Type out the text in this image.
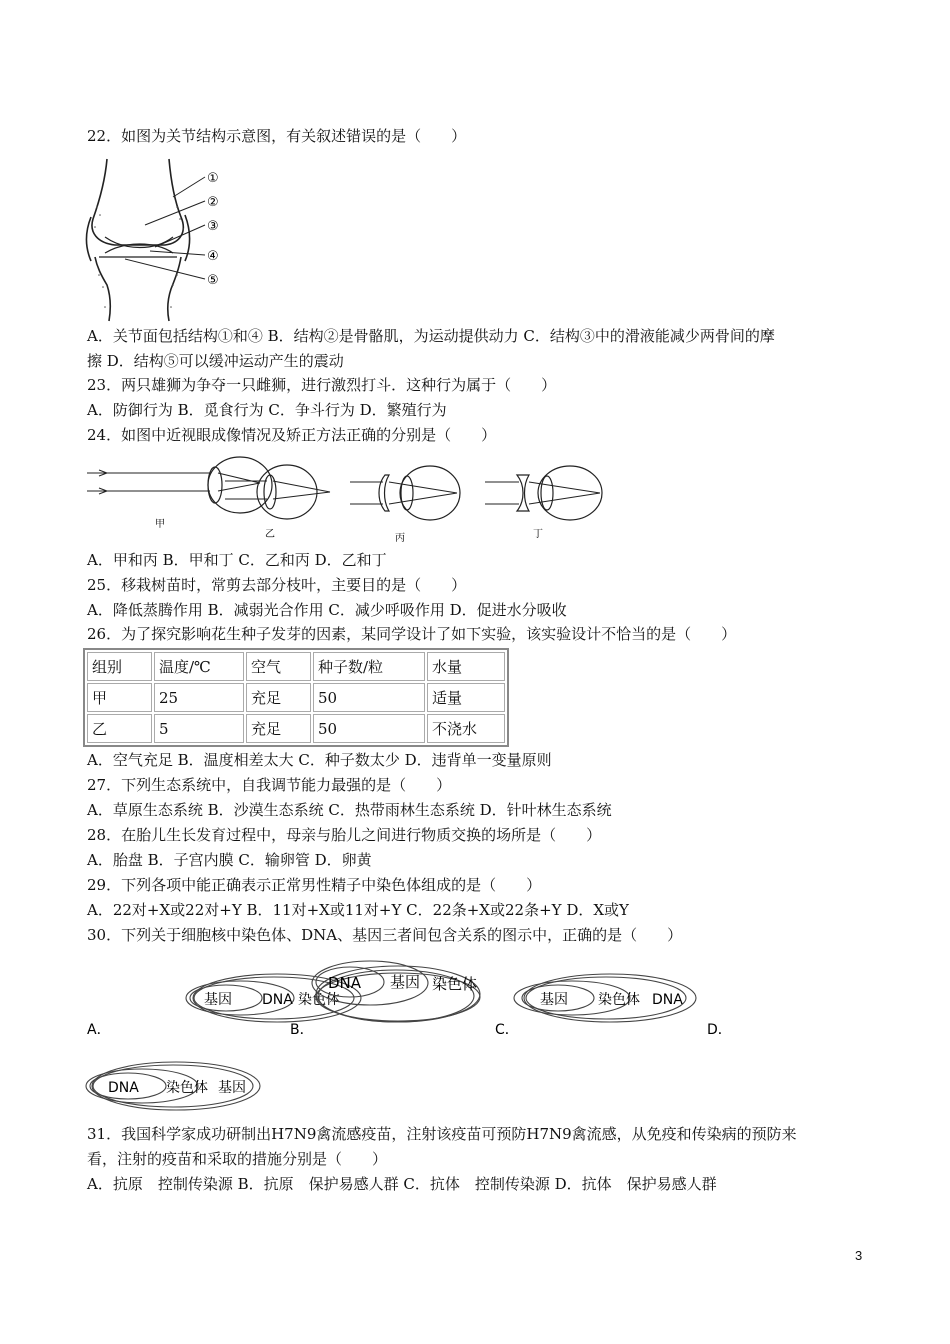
22．如图为关节结构示意图，有关叙述错误的是（　　）
①
②
③
④
⑤
A．关节面包括结构①和④ B．结构②是骨骼肌，为运动提供动力 C．结构③中的滑液能减少两骨间的摩
擦 D．结构⑤可以缓冲运动产生的震动
23．两只雄狮为争夺一只雌狮，进行激烈打斗．这种行为属于（　　）
A．防御行为 B．觅食行为 C．争斗行为 D．繁殖行为
24．如图中近视眼成像情况及矫正方法正确的分别是（　　）
甲
乙	丙	丁
A．甲和丙 B．甲和丁 C．乙和丙 D．乙和丁
25．移栽树苗时，常剪去部分枝叶，主要目的是（　　）
A．降低蒸腾作用 B．减弱光合作用 C．减少呼吸作用 D．促进水分吸收
26．为了探究影响花生种子发芽的因素，某同学设计了如下实验，该实验设计不恰当的是（　　）
组别	温度/℃	空气	种子数/粒	水量
甲	25	充足	50	适量
乙	5	充足	50	不浇水
A．空气充足 B．温度相差太大 C．种子数太少 D．违背单一变量原则
27．下列生态系统中，自我调节能力最强的是（　　）
A．草原生态系统 B．沙漠生态系统 C．热带雨林生态系统 D．针叶林生态系统
28．在胎儿生长发育过程中，母亲与胎儿之间进行物质交换的场所是（　　）
A．胎盘 B．子宫内膜 C．输卵管 D．卵黄
29．下列各项中能正确表示正常男性精子中染色体组成的是（　　）
A．22对+X或22对+Y B．11对+X或11对+Y C．22条+X或22条+Y D．X或Y
30．下列关于细胞核中染色体、DNA、基因三者间包含关系的图示中，正确的是（　　）
基因 DNA 染色体
A．
DNA 基因 染色体
B．
基因 染色体 DNA
C．	D．
DNA 染色体 基因
31．我国科学家成功研制出H7N9禽流感疫苗，注射该疫苗可预防H7N9禽流感，从免疫和传染病的预防来
看，注射的疫苗和采取的措施分别是（　　）
A．抗原　控制传染源 B．抗原　保护易感人群 C．抗体　控制传染源 D．抗体　保护易感人群
3
